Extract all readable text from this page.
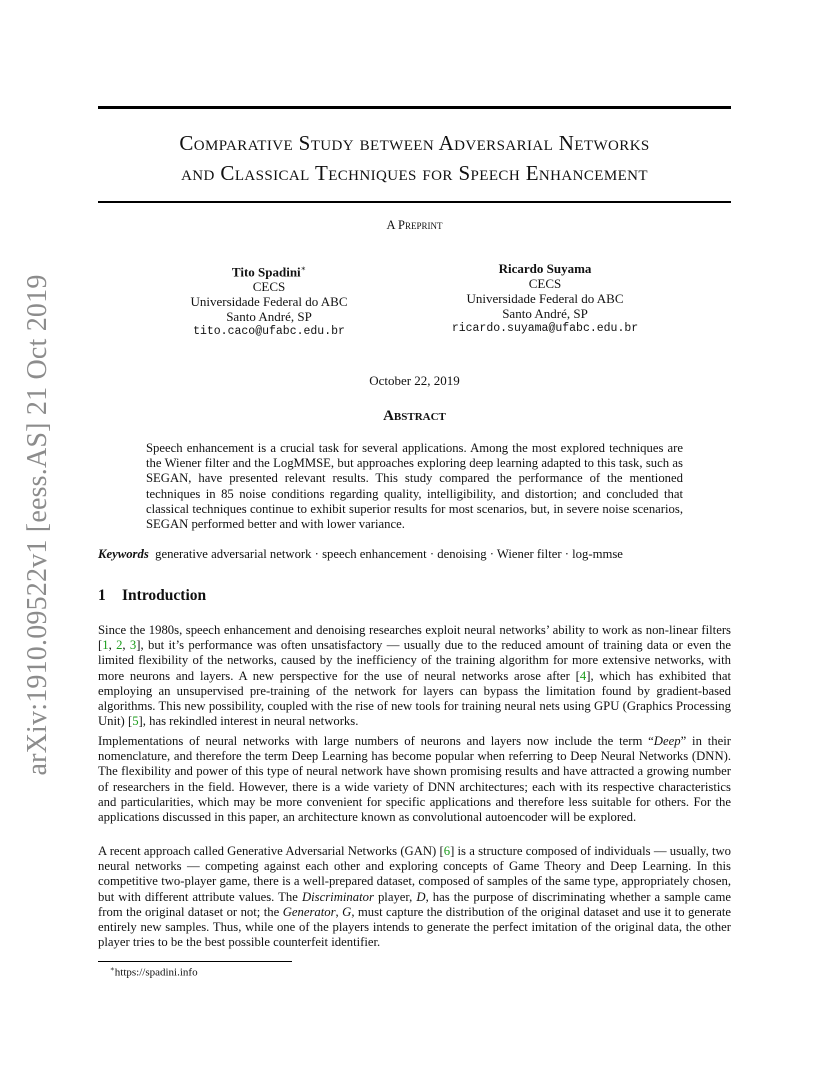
arXiv:1910.09522v1 [eess.AS] 21 Oct 2019
Comparative Study between Adversarial Networks
and Classical Techniques for Speech Enhancement
A Preprint
Tito Spadini∗
CECS
Universidade Federal do ABC
Santo André, SP
tito.caco@ufabc.edu.br
Ricardo Suyama
CECS
Universidade Federal do ABC
Santo André, SP
ricardo.suyama@ufabc.edu.br
October 22, 2019
Abstract
Speech enhancement is a crucial task for several applications. Among the most explored techniques are the Wiener filter and the LogMMSE, but approaches exploring deep learning adapted to this task, such as SEGAN, have presented relevant results. This study compared the performance of the mentioned techniques in 85 noise conditions regarding quality, intelligibility, and distortion; and concluded that classical techniques continue to exhibit superior results for most scenarios, but, in severe noise scenarios, SEGAN performed better and with lower variance.
Keywords generative adversarial network · speech enhancement · denoising · Wiener filter · log-mmse
1 Introduction
Since the 1980s, speech enhancement and denoising researches exploit neural networks’ ability to work as non-linear filters [1, 2, 3], but it’s performance was often unsatisfactory — usually due to the reduced amount of training data or even the limited flexibility of the networks, caused by the inefficiency of the training algorithm for more extensive networks, with more neurons and layers. A new perspective for the use of neural networks arose after [4], which has exhibited that employing an unsupervised pre-training of the network for layers can bypass the limitation found by gradient-based algorithms. This new possibility, coupled with the rise of new tools for training neural nets using GPU (Graphics Processing Unit) [5], has rekindled interest in neural networks.
Implementations of neural networks with large numbers of neurons and layers now include the term “Deep” in their nomenclature, and therefore the term Deep Learning has become popular when referring to Deep Neural Networks (DNN). The flexibility and power of this type of neural network have shown promising results and have attracted a growing number of researchers in the field. However, there is a wide variety of DNN architectures; each with its respective characteristics and particularities, which may be more convenient for specific applications and therefore less suitable for others. For the applications discussed in this paper, an architecture known as convolutional autoencoder will be explored.
A recent approach called Generative Adversarial Networks (GAN) [6] is a structure composed of individuals — usually, two neural networks — competing against each other and exploring concepts of Game Theory and Deep Learning. In this competitive two-player game, there is a well-prepared dataset, composed of samples of the same type, appropriately chosen, but with different attribute values. The Discriminator player, D, has the purpose of discriminating whether a sample came from the original dataset or not; the Generator, G, must capture the distribution of the original dataset and use it to generate entirely new samples. Thus, while one of the players intends to generate the perfect imitation of the original data, the other player tries to be the best possible counterfeit identifier.
∗https://spadini.info
